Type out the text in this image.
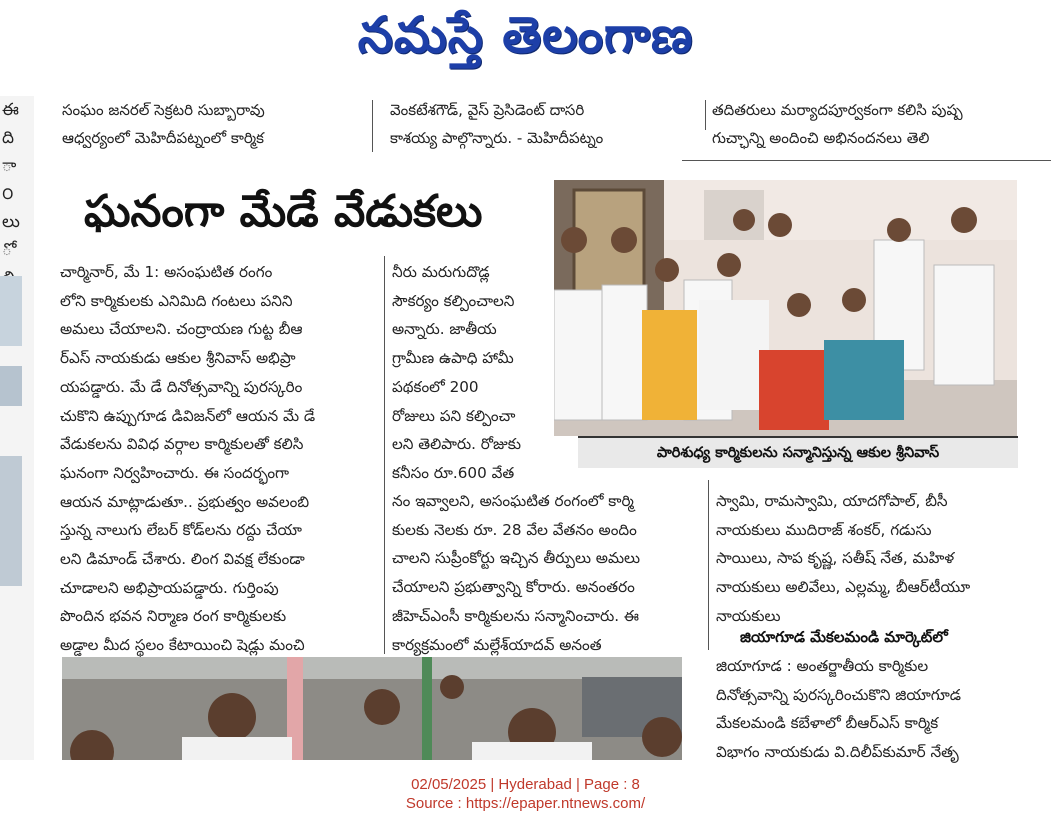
నమస్తే తెలంగాణ
ఈ
ది
ా
౦
లు
ో
సంఘం జనరల్ సెక్రటరి సుబ్బారావు
ఆధ్వర్యంలో మెహిదీపట్నంలో కార్మిక
వెంకటేశగౌడ్, వైస్ ప్రెసిడెంట్ దాసరి
కాశయ్య పాల్గొన్నారు. - మెహిదీపట్నం
తదితరులు మర్యాదపూర్వకంగా కలిసి పుష్ప
గుచ్ఛాన్ని అందించి అభినందనలు తెలి
ఘనంగా మేడే వేడుకలు
పారిశుధ్య కార్మికులను సన్మానిస్తున్న ఆకుల శ్రీనివాస్
చార్మినార్, మే 1: అసంఘటిత రంగం
లోని కార్మికులకు ఎనిమిది గంటలు పనిని
అమలు చేయాలని. చంద్రాయణ గుట్ట బీఆ
ర్ఎస్ నాయకుడు ఆకుల శ్రీనివాస్ అభిప్రా
యపడ్డారు. మే డే దినోత్సవాన్ని పురస్కరిం
చుకొని ఉప్పుగూడ డివిజన్‌లో ఆయన మే డే
వేడుకలను వివిధ వర్గాల కార్మికులతో కలిసి
ఘనంగా నిర్వహించారు. ఈ సందర్భంగా
ఆయన మాట్లాడుతూ.. ప్రభుత్వం అవలంబి
స్తున్న నాలుగు లేబర్ కోడ్‌లను రద్దు చేయా
లని డిమాండ్ చేశారు. లింగ వివక్ష లేకుండా
చూడాలని అభిప్రాయపడ్డారు. గుర్తింపు
పొందిన భవన నిర్మాణ రంగ కార్మికులకు
అడ్డాల మీద స్థలం కేటాయించి షెడ్లు మంచి
నీరు మరుగుదొడ్ల
సౌకర్యం కల్పించాలని
అన్నారు. జాతీయ
గ్రామీణ ఉపాధి హామీ
పథకంలో 200
రోజులు పని కల్పించా
లని తెలిపారు. రోజుకు
కనీసం రూ.600 వేత
నం ఇవ్వాలని, అసంఘటిత రంగంలో కార్మి
కులకు నెలకు రూ. 28 వేల వేతనం అందిం
చాలని సుప్రీంకోర్టు ఇచ్చిన తీర్పులు అమలు
చేయాలని ప్రభుత్వాన్ని కోరారు. అనంతరం
జీహెచ్ఎంసీ కార్మికులను సన్మానించారు. ఈ
కార్యక్రమంలో మల్లేశ్‌యాదవ్ అనంత
స్వామి, రామస్వామి, యాదగోపాల్, బీసీ
నాయకులు ముదిరాజ్ శంకర్, గడుసు
సాయిలు, సాప కృష్ణ, సతీష్ నేత, మహిళ
నాయకులు అలివేలు, ఎల్లమ్మ, బీఆర్‌టీయూ
నాయకులు
జియాగూడ మేకలమండి మార్కెట్‌లో
జియాగూడ : అంతర్జాతీయ కార్మికుల
దినోత్సవాన్ని పురస్కరించుకొని జియాగూడ
మేకలమండి కబేళాలో బీఆర్ఎస్ కార్మిక
విభాగం నాయకుడు వి.దిలీప్‌కుమార్ నేతృ
02/05/2025 | Hyderabad | Page : 8
Source : https://epaper.ntnews.com/
